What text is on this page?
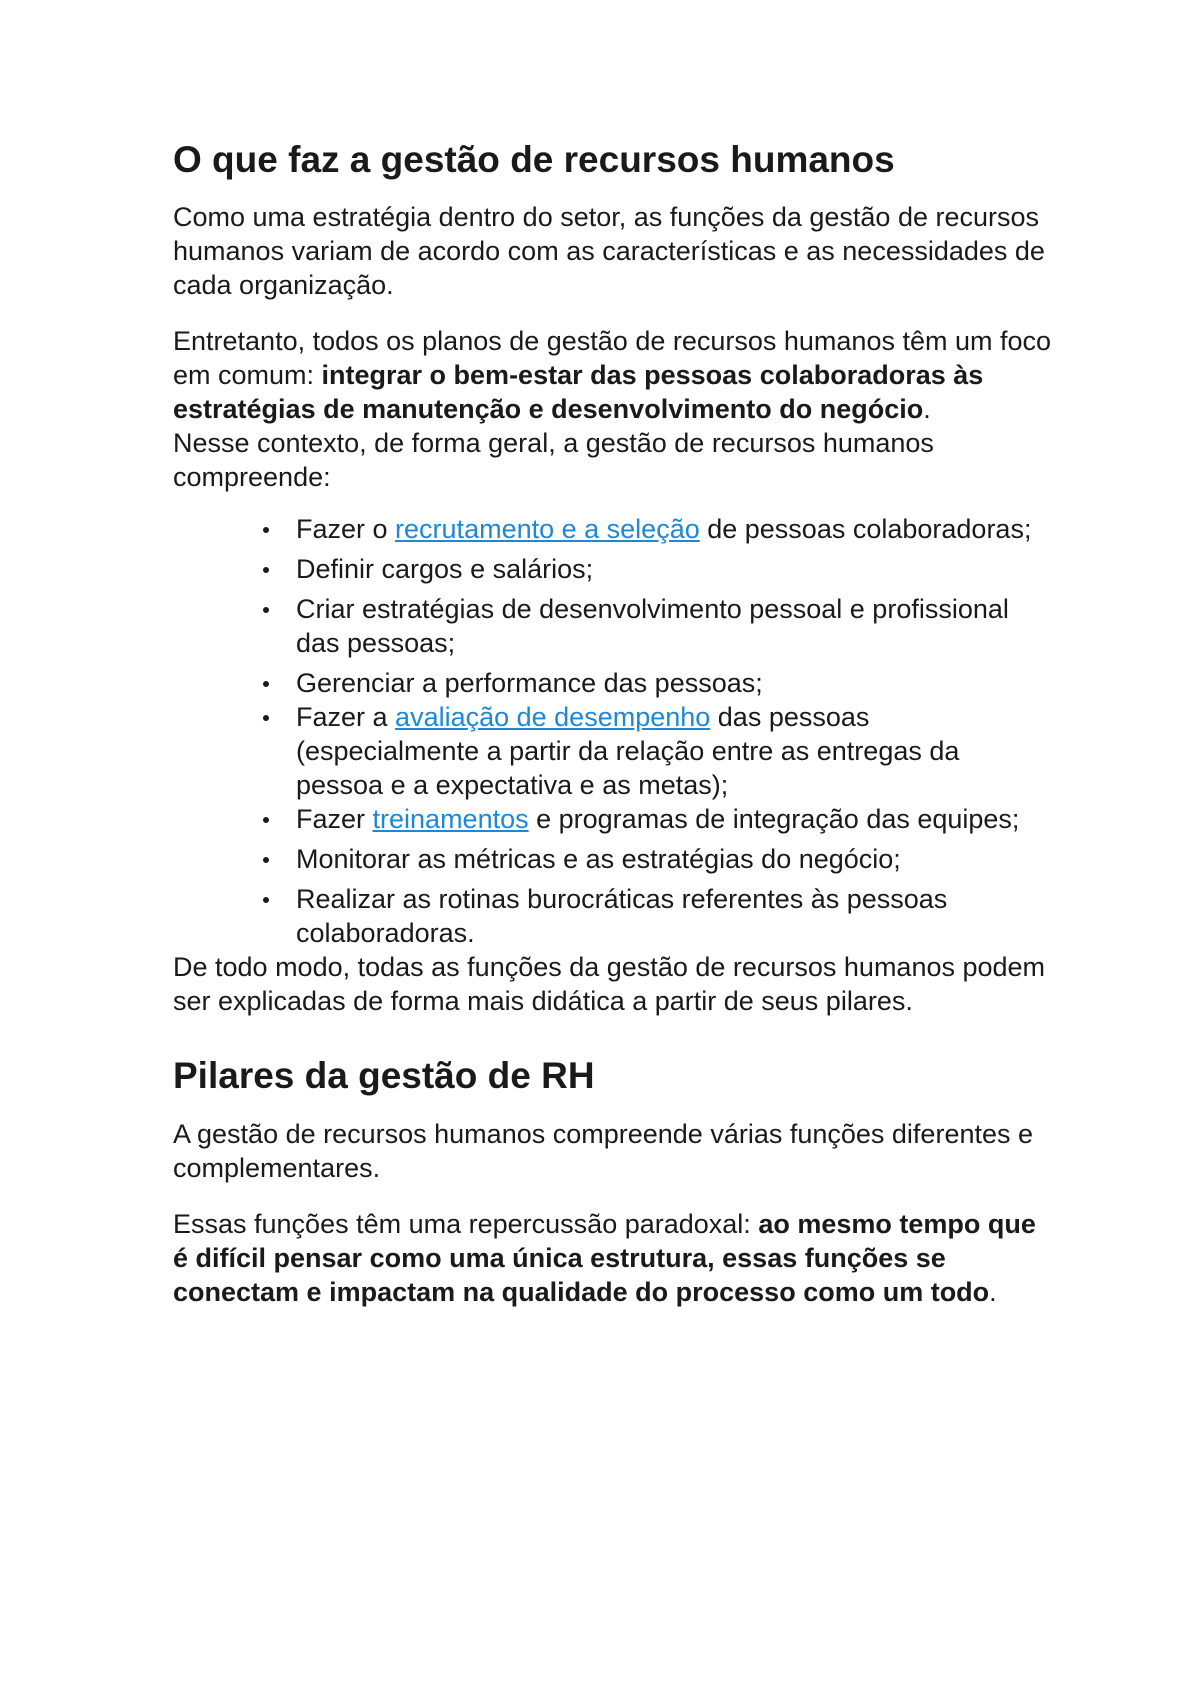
O que faz a gestão de recursos humanos

Como uma estratégia dentro do setor, as funções da gestão de recursos humanos variam de acordo com as características e as necessidades de cada organização.

Entretanto, todos os planos de gestão de recursos humanos têm um foco em comum: integrar o bem-estar das pessoas colaboradoras às estratégias de manutenção e desenvolvimento do negócio.

Nesse contexto, de forma geral, a gestão de recursos humanos compreende:

Fazer o recrutamento e a seleção de pessoas colaboradoras;
Definir cargos e salários;
Criar estratégias de desenvolvimento pessoal e profissional das pessoas;
Gerenciar a performance das pessoas;
Fazer a avaliação de desempenho das pessoas (especialmente a partir da relação entre as entregas da pessoa e a expectativa e as metas);
Fazer treinamentos e programas de integração das equipes;
Monitorar as métricas e as estratégias do negócio;
Realizar as rotinas burocráticas referentes às pessoas colaboradoras.

De todo modo, todas as funções da gestão de recursos humanos podem ser explicadas de forma mais didática a partir de seus pilares.

Pilares da gestão de RH

A gestão de recursos humanos compreende várias funções diferentes e complementares.

Essas funções têm uma repercussão paradoxal: ao mesmo tempo que é difícil pensar como uma única estrutura, essas funções se conectam e impactam na qualidade do processo como um todo.
